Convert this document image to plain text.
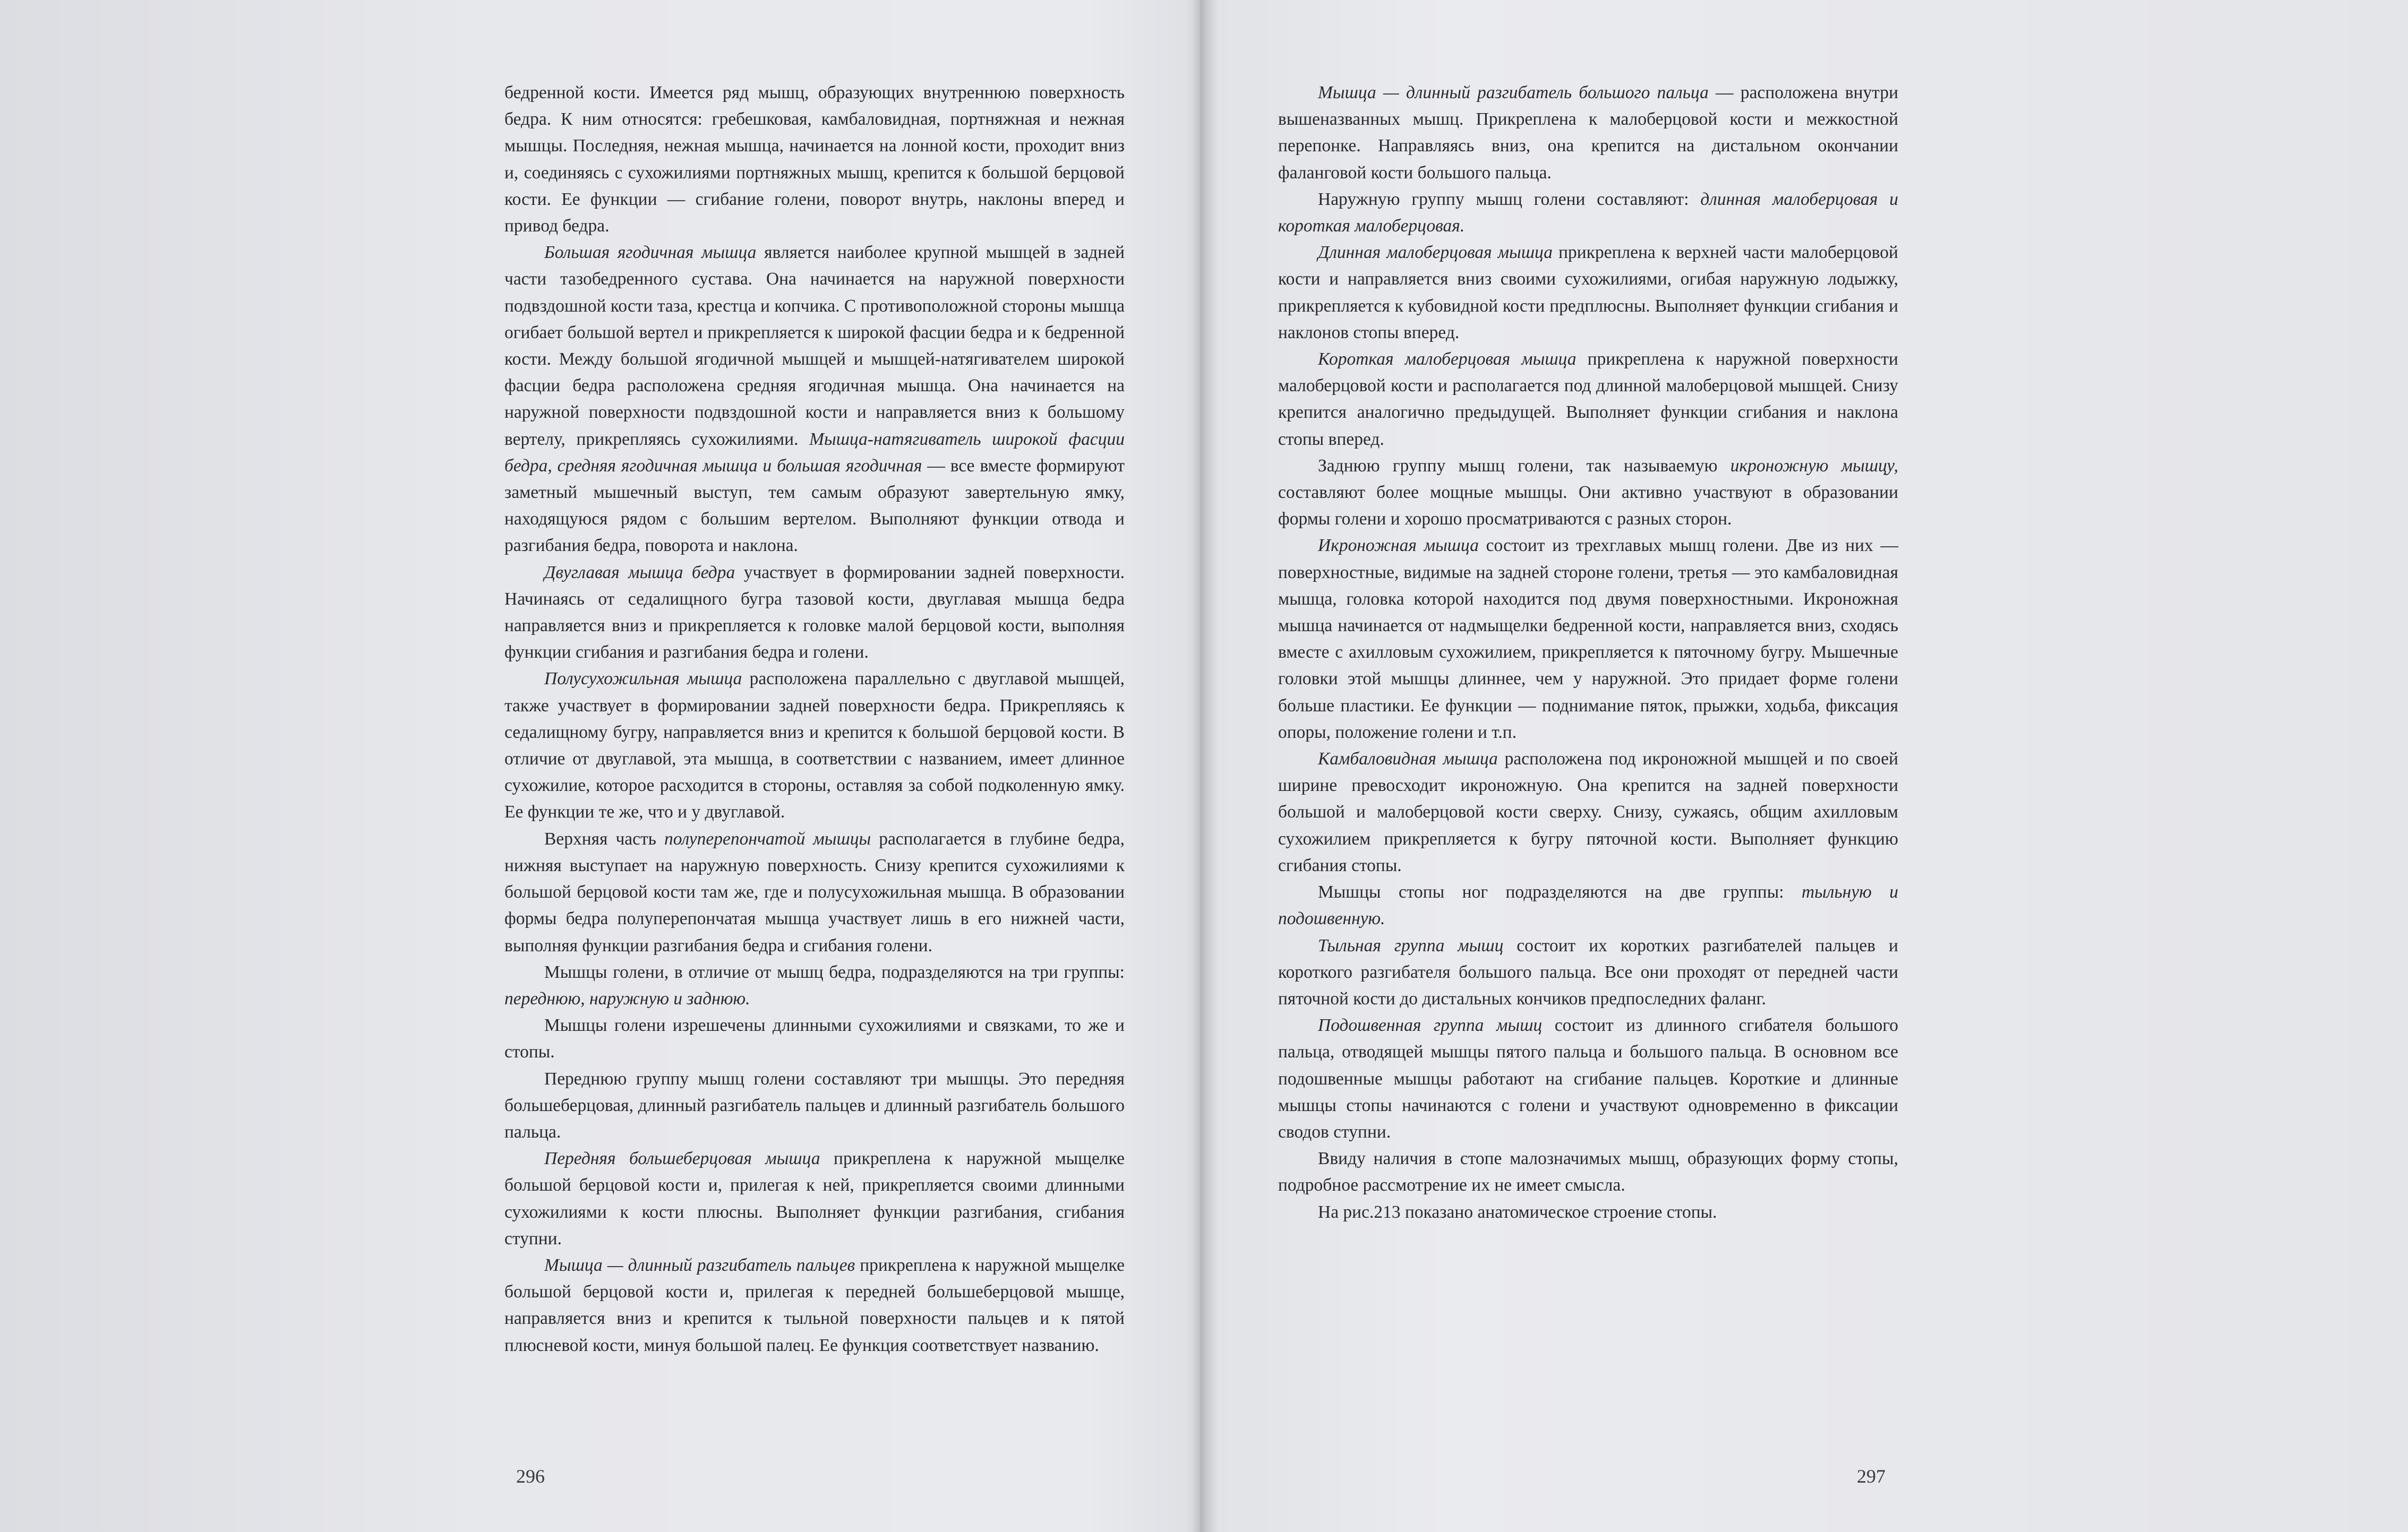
бедренной кости. Имеется ряд мышц, образующих внутреннюю поверхность бедра. К ним относятся: гребешковая, камбаловидная, портняжная и нежная мышцы. Последняя, нежная мышца, начинается на лонной кости, проходит вниз и, соединяясь с сухожилиями портняжных мышц, крепится к большой берцовой кости. Ее функции — сгибание голени, поворот внутрь, наклоны вперед и привод бедра.

Большая ягодичная мышца является наиболее крупной мышцей в задней части тазобедренного сустава. Она начинается на наружной поверхности подвздошной кости таза, крестца и копчика. С противоположной стороны мышца огибает большой вертел и прикрепляется к широкой фасции бедра и к бедренной кости. Между большой ягодичной мышцей и мышцей-натягивателем широкой фасции бедра расположена средняя ягодичная мышца. Она начинается на наружной поверхности подвздошной кости и направляется вниз к большому вертелу, прикрепляясь сухожилиями. Мышца-натягиватель широкой фасции бедра, средняя ягодичная мышца и большая ягодичная — все вместе формируют заметный мышечный выступ, тем самым образуют завертельную ямку, находящуюся рядом с большим вертелом. Выполняют функции отвода и разгибания бедра, поворота и наклона.

Двуглавая мышца бедра участвует в формировании задней поверхности. Начинаясь от седалищного бугра тазовой кости, двуглавая мышца бедра направляется вниз и прикрепляется к головке малой берцовой кости, выполняя функции сгибания и разгибания бедра и голени.

Полусухожильная мышца расположена параллельно с двуглавой мышцей, также участвует в формировании задней поверхности бедра. Прикрепляясь к седалищному бугру, направляется вниз и крепится к большой берцовой кости. В отличие от двуглавой, эта мышца, в соответствии с названием, имеет длинное сухожилие, которое расходится в стороны, оставляя за собой подколенную ямку. Ее функции те же, что и у двуглавой.

Верхняя часть полуперепончатой мышцы располагается в глубине бедра, нижняя выступает на наружную поверхность. Снизу крепится сухожилиями к большой берцовой кости там же, где и полусухожильная мышца. В образовании формы бедра полуперепончатая мышца участвует лишь в его нижней части, выполняя функции разгибания бедра и сгибания голени.

Мышцы голени, в отличие от мышц бедра, подразделяются на три группы: переднюю, наружную и заднюю.

Мышцы голени изрешечены длинными сухожилиями и связками, то же и стопы.

Переднюю группу мышц голени составляют три мышцы. Это передняя большеберцовая, длинный разгибатель пальцев и длинный разгибатель большого пальца.

Передняя большеберцовая мышца прикреплена к наружной мыщелке большой берцовой кости и, прилегая к ней, прикрепляется своими длинными сухожилиями к кости плюсны. Выполняет функции разгибания, сгибания ступни.

Мышца — длинный разгибатель пальцев прикреплена к наружной мыщелке большой берцовой кости и, прилегая к передней большеберцовой мышце, направляется вниз и крепится к тыльной поверхности пальцев и к пятой плюсневой кости, минуя большой палец. Ее функция соответствует названию.

296

Мышца — длинный разгибатель большого пальца — расположена внутри вышеназванных мышц. Прикреплена к малоберцовой кости и межкостной перепонке. Направляясь вниз, она крепится на дистальном окончании фаланговой кости большого пальца.

Наружную группу мышц голени составляют: длинная малоберцовая и короткая малоберцовая.

Длинная малоберцовая мышца прикреплена к верхней части малоберцовой кости и направляется вниз своими сухожилиями, огибая наружную лодыжку, прикрепляется к кубовидной кости предплюсны. Выполняет функции сгибания и наклонов стопы вперед.

Короткая малоберцовая мышца прикреплена к наружной поверхности малоберцовой кости и располагается под длинной малоберцовой мышцей. Снизу крепится аналогично предыдущей. Выполняет функции сгибания и наклона стопы вперед.

Заднюю группу мышц голени, так называемую икроножную мышцу, составляют более мощные мышцы. Они активно участвуют в образовании формы голени и хорошо просматриваются с разных сторон.

Икроножная мышца состоит из трехглавых мышц голени. Две из них — поверхностные, видимые на задней стороне голени, третья — это камбаловидная мышца, головка которой находится под двумя поверхностными. Икроножная мышца начинается от надмыщелки бедренной кости, направляется вниз, сходясь вместе с ахилловым сухожилием, прикрепляется к пяточному бугру. Мышечные головки этой мышцы длиннее, чем у наружной. Это придает форме голени больше пластики. Ее функции — поднимание пяток, прыжки, ходьба, фиксация опоры, положение голени и т.п.

Камбаловидная мышца расположена под икроножной мышцей и по своей ширине превосходит икроножную. Она крепится на задней поверхности большой и малоберцовой кости сверху. Снизу, сужаясь, общим ахилловым сухожилием прикрепляется к бугру пяточной кости. Выполняет функцию сгибания стопы.

Мышцы стопы ног подразделяются на две группы: тыльную и подошвенную.

Тыльная группа мышц состоит их коротких разгибателей пальцев и короткого разгибателя большого пальца. Все они проходят от передней части пяточной кости до дистальных кончиков предпоследних фаланг.

Подошвенная группа мышц состоит из длинного сгибателя большого пальца, отводящей мышцы пятого пальца и большого пальца. В основном все подошвенные мышцы работают на сгибание пальцев. Короткие и длинные мышцы стопы начинаются с голени и участвуют одновременно в фиксации сводов ступни.

Ввиду наличия в стопе малозначимых мышц, образующих форму стопы, подробное рассмотрение их не имеет смысла.

На рис.213 показано анатомическое строение стопы.

297
